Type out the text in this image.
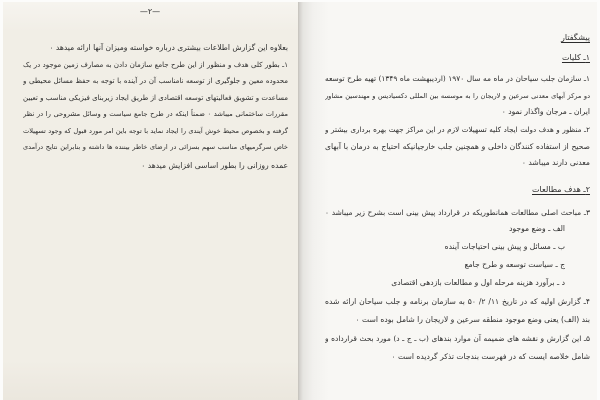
—۲—
بعلاوه این گزارش اطلاعات بیشتری درباره خواسته ومیزان آنها ارائه میدهد ۰
۱ـ بطور کلی هدف و منظور از این طرح جامع سازمان دادن به مصارف زمین موجود در یک
محدوده معین و جلوگیری از توسعه نامناسب آن در آینده با توجه به حفظ مسائل محیطی و
مساعدت و تشویق فعالیتهای توسعه اقتصادی از طریق ایجاد زیربنای فیزیکی مناسب و تعیین
مقررات ساختمانی میباشد ۰ ضمناً اینکه در طرح جامع سیاست و وسائل مشروحی را در نظر
گرفته و بخصوص محیط خوش آیندی را ایجاد نماید با توجه باین امر مورد قبول که وجود تسهیلات
خاص سرگرمیهای مناسب سهم بسزائی در ارضای خاطر بیننده ها داشته و بنابراین نتایج درآمدی
عمده روزانی را بطور اساسی افزایش میدهد ۰
پیشگفتار
۱ـ کلیات
۱ـ سازمان جلب سیاحان در ماه مه سال ۱۹۷۰ (اردیبهشت ماه ۱۳۴۹) تهیه طرح توسعه
دو مرکز آبهای معدنی سرعین و لاریجان را به موسسه بین المللی دکسیادیس و مهندسین مشاور
ایران ـ مرجان واگذار نمود ۰
۲ـ منظور و هدف دولت ایجاد کلیه تسهیلات لازم در این مراکز جهت بهره برداری بیشتر و
صحیح از استفاده کنندگان داخلی و همچنین جلب خارجیانیکه احتیاج به درمان با آبهای
معدنی دارند میباشد ۰
۲ـ هدف مطالعات
۳ـ مباحث اصلی مطالعات همانطوریکه در قرارداد پیش بینی است بشرح زیر میباشد ۰
الف ـ وضع موجود
ب ـ مسائل و پیش بینی احتیاجات آینده
ج ـ سیاست توسعه و طرح جامع
د ـ برآورد هزینه مرحله اول و مطالعات بازدهی اقتصادی
۴ـ گزارش اولیه که در تاریخ ۱۱/ ۲/ ۵۰ به سازمان برنامه و جلب سیاحان ارائه شده
بند (الف) یعنی وضع موجود منطقه سرعین و لاریجان را شامل بوده است ۰
۵ـ این گزارش و نقشه های ضمیمه آن موارد بندهای (ب ـ ج ـ د) مورد بحث قرارداده و
شامل خلاصه ایست که در فهرست بندجات تذکر گردیده است ۰
